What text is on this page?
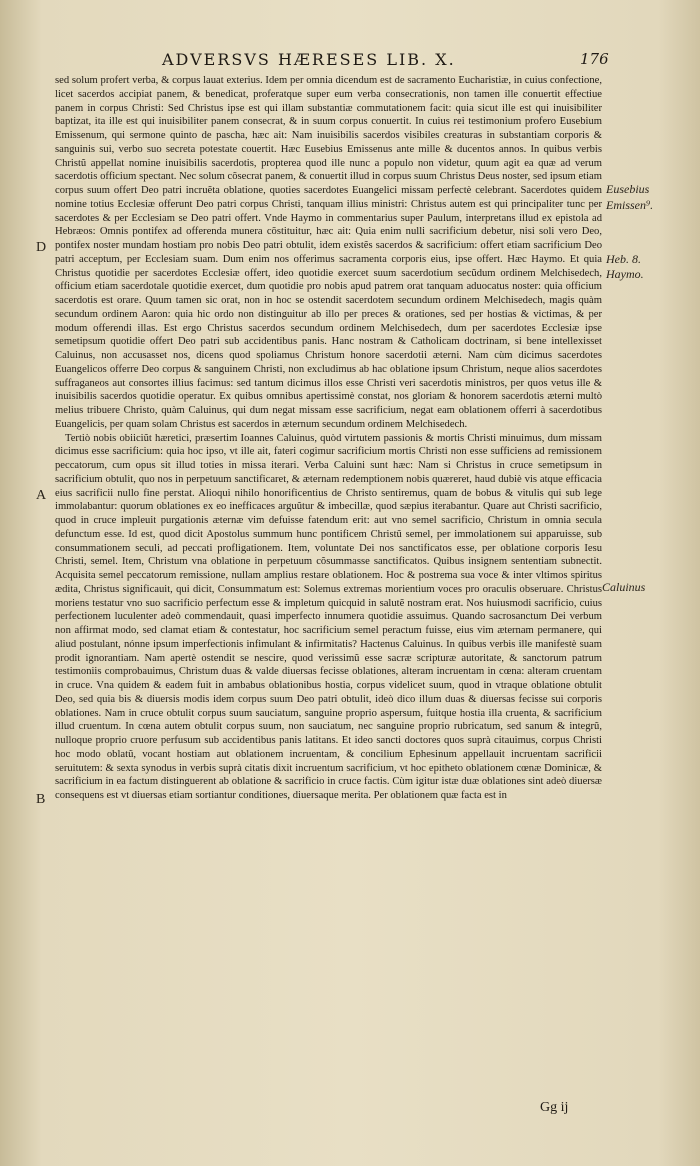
ADVERSVS HÆRESES LIB. X.	176

sed solum profert verba, & corpus lauat exterius. Idem per omnia dicendum est de sacramento Eucharistiæ, in cuius confectione, licet sacerdos accipiat panem, & benedicat, proferatque super eum verba consecrationis, non tamen ille conuertit effectiue panem in corpus Christi: Sed Christus ipse est qui illam substantiæ commutationem facit: quia sicut ille est qui inuisibiliter baptizat, ita ille est qui inuisibiliter panem consecrat, & in suum corpus conuertit. In cuius rei testimonium profero Eusebium Emissenum, qui sermone quinto de pascha, hæc ait: Nam inuisibilis sacerdos visibiles creaturas in substantiam corporis & sanguinis sui, verbo suo secreta potestate couertit. Hæc Eusebius Emissenus ante mille & ducentos annos. In quibus verbis Christũ appellat nomine inuisibilis sacerdotis, propterea quod ille nunc a populo non videtur, quum agit ea quæ ad verum sacerdotis officium spectant. Nec solum cõsecrat panem, & conuertit illud in corpus suum Christus Deus noster, sed ipsum etiam corpus suum offert Deo patri incruẽta oblatione, quoties sacerdotes Euangelici missam perfectè celebrant. Sacerdotes quidem nomine totius Ecclesiæ offerunt Deo patri corpus Christi, tanquam illius ministri: Christus autem est qui principaliter tunc per sacerdotes & per Ecclesiam se Deo patri offert. Vnde Haymo in commentarius super Paulum, interpretans illud ex epistola ad Hebræos: Omnis pontifex ad offerenda munera cõstituitur, hæc ait: Quia enim nulli sacrificium debetur, nisi soli vero Deo, pontifex noster mundam hostiam pro nobis Deo patri obtulit, idem existẽs sacerdos & sacrificium: offert etiam sacrificium Deo patri acceptum, per Ecclesiam suam. Dum enim nos offerimus sacramenta corporis eius, ipse offert. Hæc Haymo. Et quia Christus quotidie per sacerdotes Ecclesiæ offert, ideo quotidie exercet suum sacerdotium secũdum ordinem Melchisedech, officium etiam sacerdotale quotidie exercet, dum quotidie pro nobis apud patrem orat tanquam aduocatus noster: quia officium sacerdotis est orare. Quum tamen sic orat, non in hoc se ostendit sacerdotem secundum ordinem Melchisedech, magis quàm secundum ordinem Aaron: quia hic ordo non distinguitur ab illo per preces & orationes, sed per hostias & victimas, & per modum offerendi illas. Est ergo Christus sacerdos secundum ordinem Melchisedech, dum per sacerdotes Ecclesiæ ipse semetipsum quotidie offert Deo patri sub accidentibus panis. Hanc nostram & Catholicam doctrinam, si bene intellexisset Caluinus, non accusasset nos, dicens quod spoliamus Christum honore sacerdotii æterni. Nam cùm dicimus sacerdotes Euangelicos offerre Deo corpus & sanguinem Christi, non excludimus ab hac oblatione ipsum Christum, neque alios sacerdotes suffraganeos aut consortes illius facimus: sed tantum dicimus illos esse Christi veri sacerdotis ministros, per quos vetus ille & inuisibilis sacerdos quotidie operatur. Ex quibus omnibus apertissimè constat, nos gloriam & honorem sacerdotis æterni multò melius tribuere Christo, quàm Caluinus, qui dum negat missam esse sacrificium, negat eam oblationem offerri à sacerdotibus Euangelicis, per quam solam Christus est sacerdos in æternum secundum ordinem Melchisedech.

Tertiò nobis obiiciũt hæretici, præsertim Ioannes Caluinus, quòd virtutem passionis & mortis Christi minuimus, dum missam dicimus esse sacrificium: quia hoc ipso, vt ille ait, fateri cogimur sacrificium mortis Christi non esse sufficiens ad remissionem peccatorum, cum opus sit illud toties in missa iterari. Verba Caluini sunt hæc: Nam si Christus in cruce semetipsum in sacrificium obtulit, quo nos in perpetuum sanctificaret, & æternam redemptionem nobis quæreret, haud dubiè vis atque efficacia eius sacrificii nullo fine perstat. Alioqui nihilo honorificentius de Christo sentiremus, quam de bobus & vitulis qui sub lege immolabantur: quorum oblationes ex eo inefficaces arguũtur & imbecillæ, quod sæpius iterabantur. Quare aut Christi sacrificio, quod in cruce impleuit purgationis æternæ vim defuisse fatendum erit: aut vno semel sacrificio, Christum in omnia secula defunctum esse. Id est, quod dicit Apostolus summum hunc pontificem Christũ semel, per immolationem sui apparuisse, sub consummationem seculi, ad peccati profligationem. Item, voluntate Dei nos sanctificatos esse, per oblatione corporis Iesu Christi, semel. Item, Christum vna oblatione in perpetuum cõsummasse sanctificatos. Quibus insignem sententiam subnectit. Acquisita semel peccatorum remissione, nullam amplius restare oblationem. Hoc & postrema sua voce & inter vltimos spiritus ædita, Christus significauit, qui dicit, Consummatum est: Solemus extremas morientium voces pro oraculis obseruare. Christus moriens testatur vno suo sacrificio perfectum esse & impletum quicquid in salutẽ nostram erat. Nos huiusmodi sacrificio, cuius perfectionem luculenter adeò commendauit, quasi imperfecto innumera quotidie assuimus. Quando sacrosanctum Dei verbum non affirmat modo, sed clamat etiam & contestatur, hoc sacrificium semel peractum fuisse, eius vim æternam permanere, qui aliud postulant, nónne ipsum imperfectionis infimulant & infirmitatis? Hactenus Caluinus. In quibus verbis ille manifestè suam prodit ignorantiam. Nam apertè ostendit se nescire, quod verissimũ esse sacræ scripturæ autoritate, & sanctorum patrum testimoniis comprobauimus, Christum duas & valde diuersas fecisse oblationes, alteram incruentam in cœna: alteram cruentam in cruce. Vna quidem & eadem fuit in ambabus oblationibus hostia, corpus videlicet suum, quod in vtraque oblatione obtulit Deo, sed quia bis & diuersis modis idem corpus suum Deo patri obtulit, ideò dico illum duas & diuersas fecisse sui corporis oblationes. Nam in cruce obtulit corpus suum sauciatum, sanguine proprio aspersum, fuitque hostia illa cruenta, & sacrificium illud cruentum. In cœna autem obtulit corpus suum, non sauciatum, nec sanguine proprio rubricatum, sed sanum & integrũ, nulloque proprio cruore perfusum sub accidentibus panis latitans. Et ideo sancti doctores quos suprà citauimus, corpus Christi hoc modo oblatũ, vocant hostiam aut oblationem incruentam, & concilium Ephesinum appellauit incruentam sacrificii seruitutem: & sexta synodus in verbis suprà citatis dixit incruentum sacrificium, vt hoc epitheto oblationem cœnæ Dominicæ, & sacrificium in ea factum distinguerent ab oblatione & sacrificio in cruce factis. Cùm igitur istæ duæ oblationes sint adeò diuersæ consequens est vt diuersas etiam sortiantur conditiones, diuersaque merita. Per oblationem quæ facta est in

Eusebius
Emissen⁹.
Heb. 8.
Haymo.
Caluinus
D
A
B
Gg ij
